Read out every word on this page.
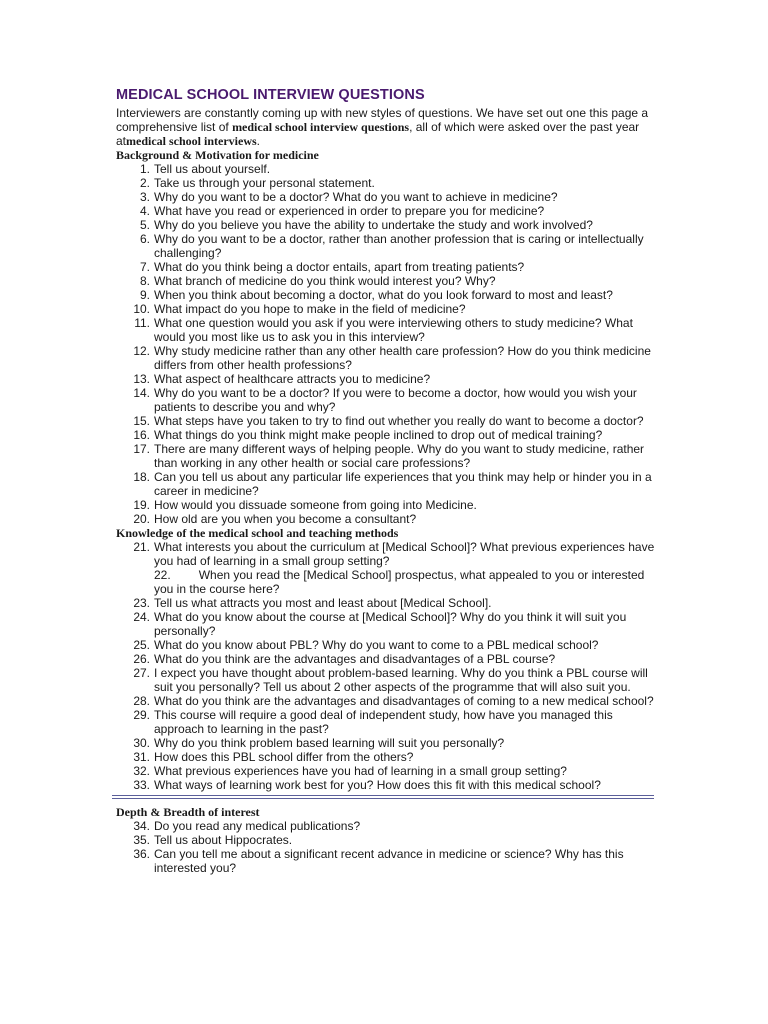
MEDICAL SCHOOL INTERVIEW QUESTIONS

Interviewers are constantly coming up with new styles of questions. We have set out one this page a comprehensive list of medical school interview questions, all of which were asked over the past year atmedical school interviews.

Background & Motivation for medicine
1. Tell us about yourself.
2. Take us through your personal statement.
3. Why do you want to be a doctor? What do you want to achieve in medicine?
4. What have you read or experienced in order to prepare you for medicine?
5. Why do you believe you have the ability to undertake the study and work involved?
6. Why do you want to be a doctor, rather than another profession that is caring or intellectually challenging?
7. What do you think being a doctor entails, apart from treating patients?
8. What branch of medicine do you think would interest you? Why?
9. When you think about becoming a doctor, what do you look forward to most and least?
10. What impact do you hope to make in the field of medicine?
11. What one question would you ask if you were interviewing others to study medicine? What would you most like us to ask you in this interview?
12. Why study medicine rather than any other health care profession? How do you think medicine differs from other health professions?
13. What aspect of healthcare attracts you to medicine?
14. Why do you want to be a doctor? If you were to become a doctor, how would you wish your patients to describe you and why?
15. What steps have you taken to try to find out whether you really do want to become a doctor?
16. What things do you think might make people inclined to drop out of medical training?
17. There are many different ways of helping people. Why do you want to study medicine, rather than working in any other health or social care professions?
18. Can you tell us about any particular life experiences that you think may help or hinder you in a career in medicine?
19. How would you dissuade someone from going into Medicine.
20. How old are you when you become a consultant?
Knowledge of the medical school and teaching methods
21. What interests you about the curriculum at [Medical School]? What previous experiences have you had of learning in a small group setting?
22. When you read the [Medical School] prospectus, what appealed to you or interested you in the course here?
23. Tell us what attracts you most and least about [Medical School].
24. What do you know about the course at [Medical School]? Why do you think it will suit you personally?
25. What do you know about PBL? Why do you want to come to a PBL medical school?
26. What do you think are the advantages and disadvantages of a PBL course?
27. I expect you have thought about problem-based learning. Why do you think a PBL course will suit you personally? Tell us about 2 other aspects of the programme that will also suit you.
28. What do you think are the advantages and disadvantages of coming to a new medical school?
29. This course will require a good deal of independent study, how have you managed this approach to learning in the past?
30. Why do you think problem based learning will suit you personally?
31. How does this PBL school differ from the others?
32. What previous experiences have you had of learning in a small group setting?
33. What ways of learning work best for you? How does this fit with this medical school?
Depth & Breadth of interest
34. Do you read any medical publications?
35. Tell us about Hippocrates.
36. Can you tell me about a significant recent advance in medicine or science? Why has this interested you?
